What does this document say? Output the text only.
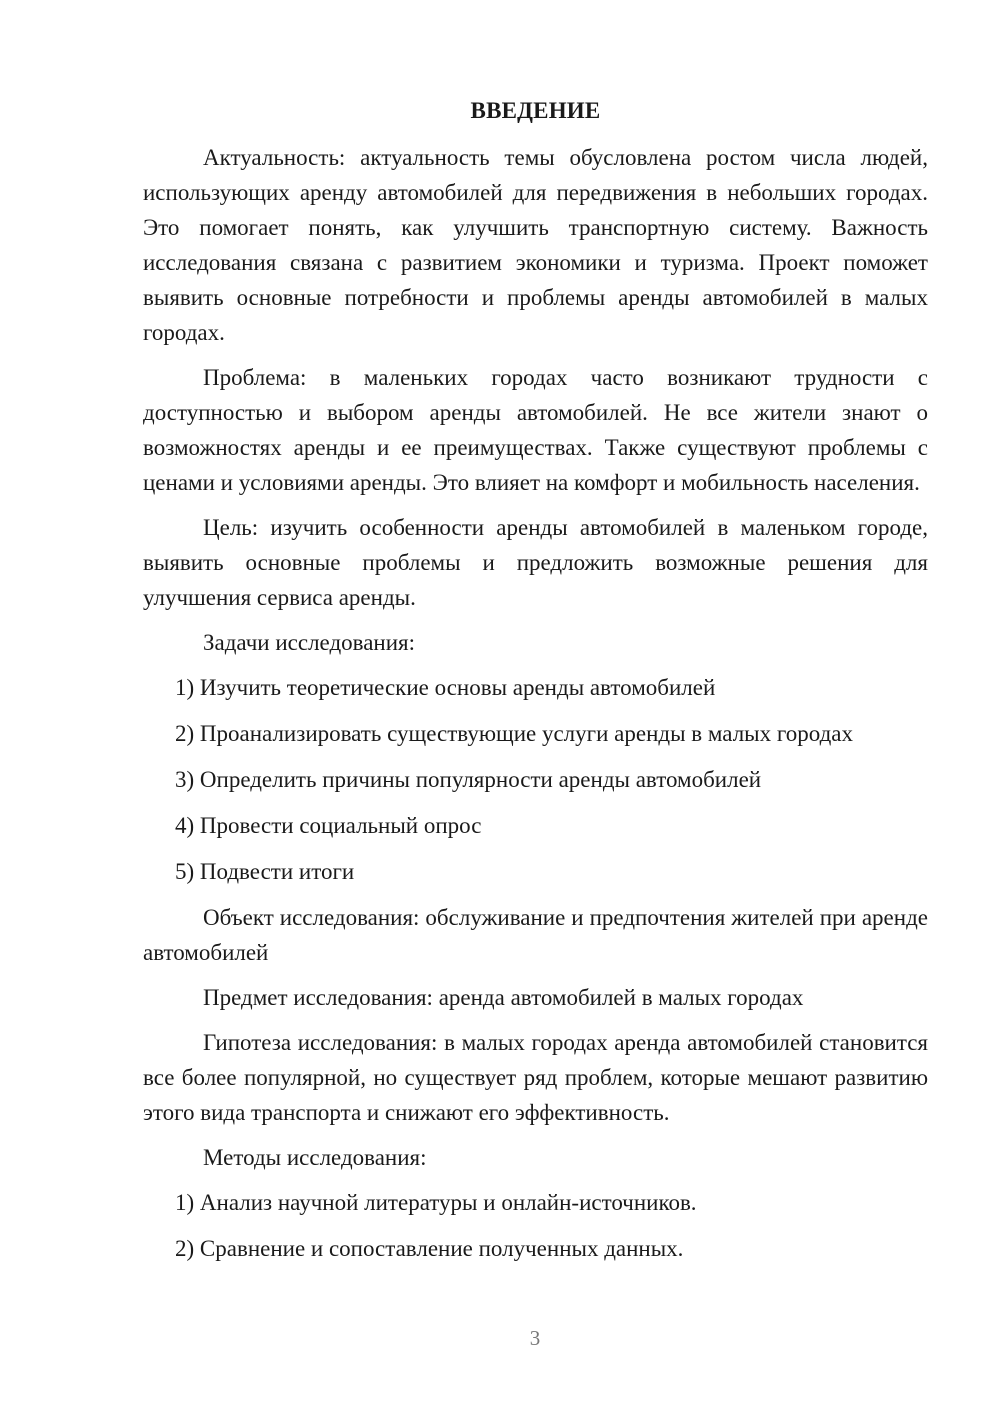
ВВЕДЕНИЕ

Актуальность: актуальность темы обусловлена ростом числа людей, использующих аренду автомобилей для передвижения в небольших городах. Это помогает понять, как улучшить транспортную систему. Важность исследования связана с развитием экономики и туризма. Проект поможет выявить основные потребности и проблемы аренды автомобилей в малых городах.

Проблема: в маленьких городах часто возникают трудности с доступностью и выбором аренды автомобилей. Не все жители знают о возможностях аренды и ее преимуществах. Также существуют проблемы с ценами и условиями аренды. Это влияет на комфорт и мобильность населения.

Цель: изучить особенности аренды автомобилей в маленьком городе, выявить основные проблемы и предложить возможные решения для улучшения сервиса аренды.

Задачи исследования:

1) Изучить теоретические основы аренды автомобилей
2) Проанализировать существующие услуги аренды в малых городах
3) Определить причины популярности аренды автомобилей
4) Провести социальный опрос
5) Подвести итоги

Объект исследования: обслуживание и предпочтения жителей при аренде автомобилей

Предмет исследования: аренда автомобилей в малых городах

Гипотеза исследования: в малых городах аренда автомобилей становится все более популярной, но существует ряд проблем, которые мешают развитию этого вида транспорта и снижают его эффективность.

Методы исследования:

1) Анализ научной литературы и онлайн-источников.
2) Сравнение и сопоставление полученных данных.
3
